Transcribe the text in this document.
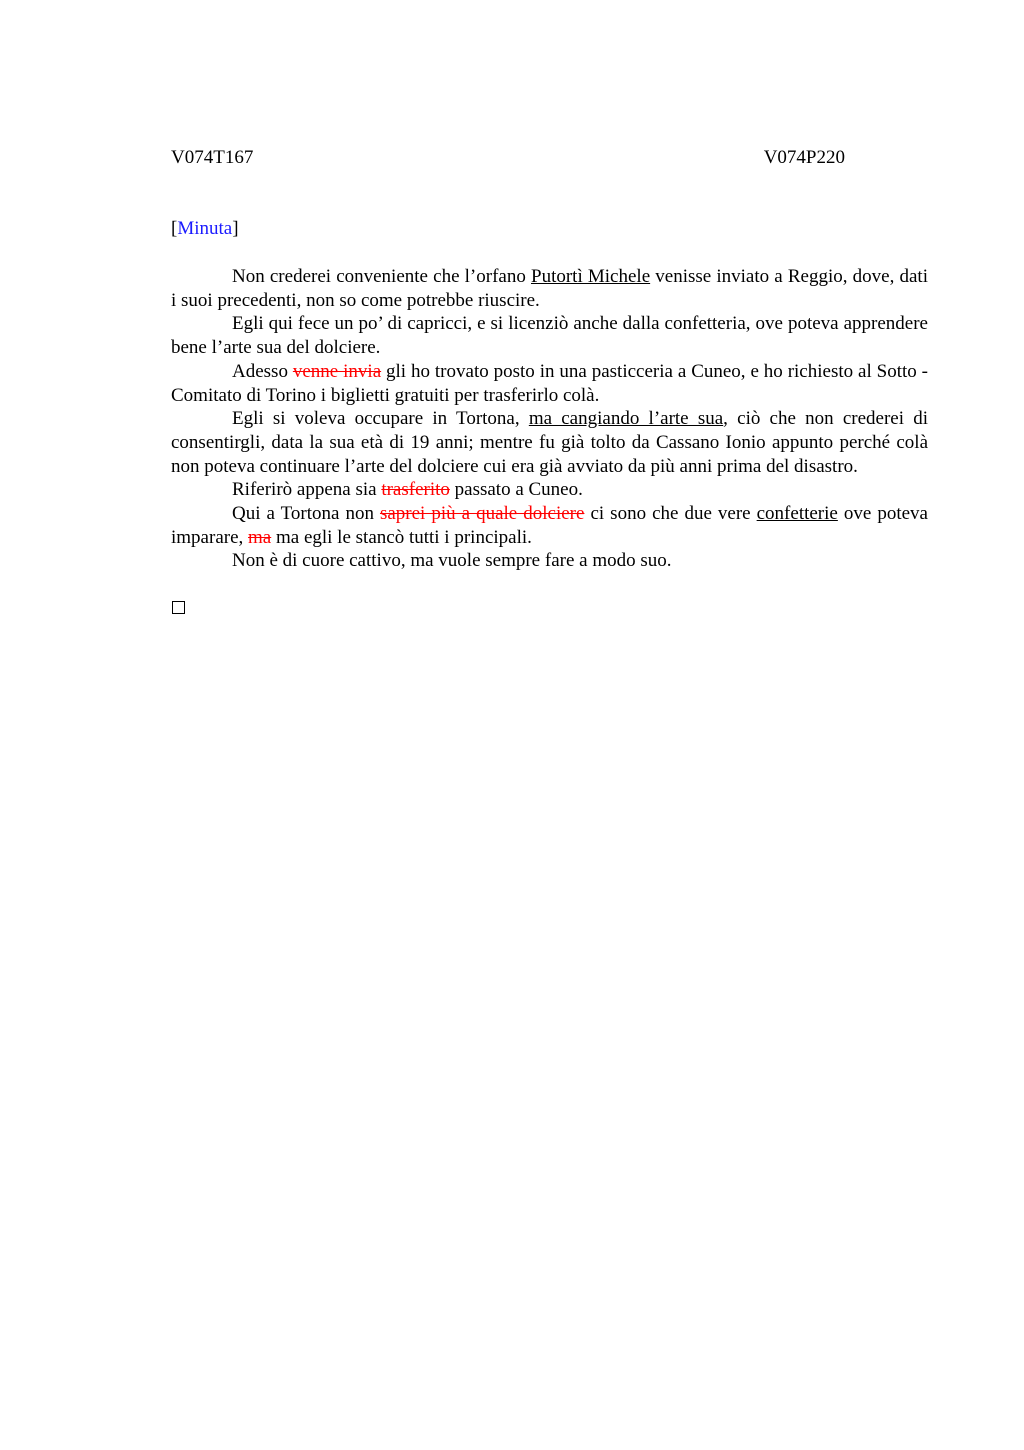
V074T167	V074P220
[Minuta]

Non crederei conveniente che l’orfano Putortì Michele venisse inviato a Reggio, dove, dati i suoi precedenti, non so come potrebbe riuscire.

Egli qui fece un po’ di capricci, e si licenziò anche dalla confetteria, ove poteva apprendere bene l’arte sua del dolciere.

Adesso venne invia gli ho trovato posto in una pasticceria a Cuneo, e ho richiesto al Sotto - Comitato di Torino i biglietti gratuiti per trasferirlo colà.

Egli si voleva occupare in Tortona, ma cangiando l’arte sua, ciò che non crederei di consentirgli, data la sua età di 19 anni; mentre fu già tolto da Cassano Ionio appunto perché colà non poteva continuare l’arte del dolciere cui era già avviato da più anni prima del disastro.

Riferirò appena sia trasferito passato a Cuneo.

Qui a Tortona non saprei più a quale dolciere ci sono che due vere confetterie ove poteva imparare, ma ma egli le stancò tutti i principali.

Non è di cuore cattivo, ma vuole sempre fare a modo suo.
